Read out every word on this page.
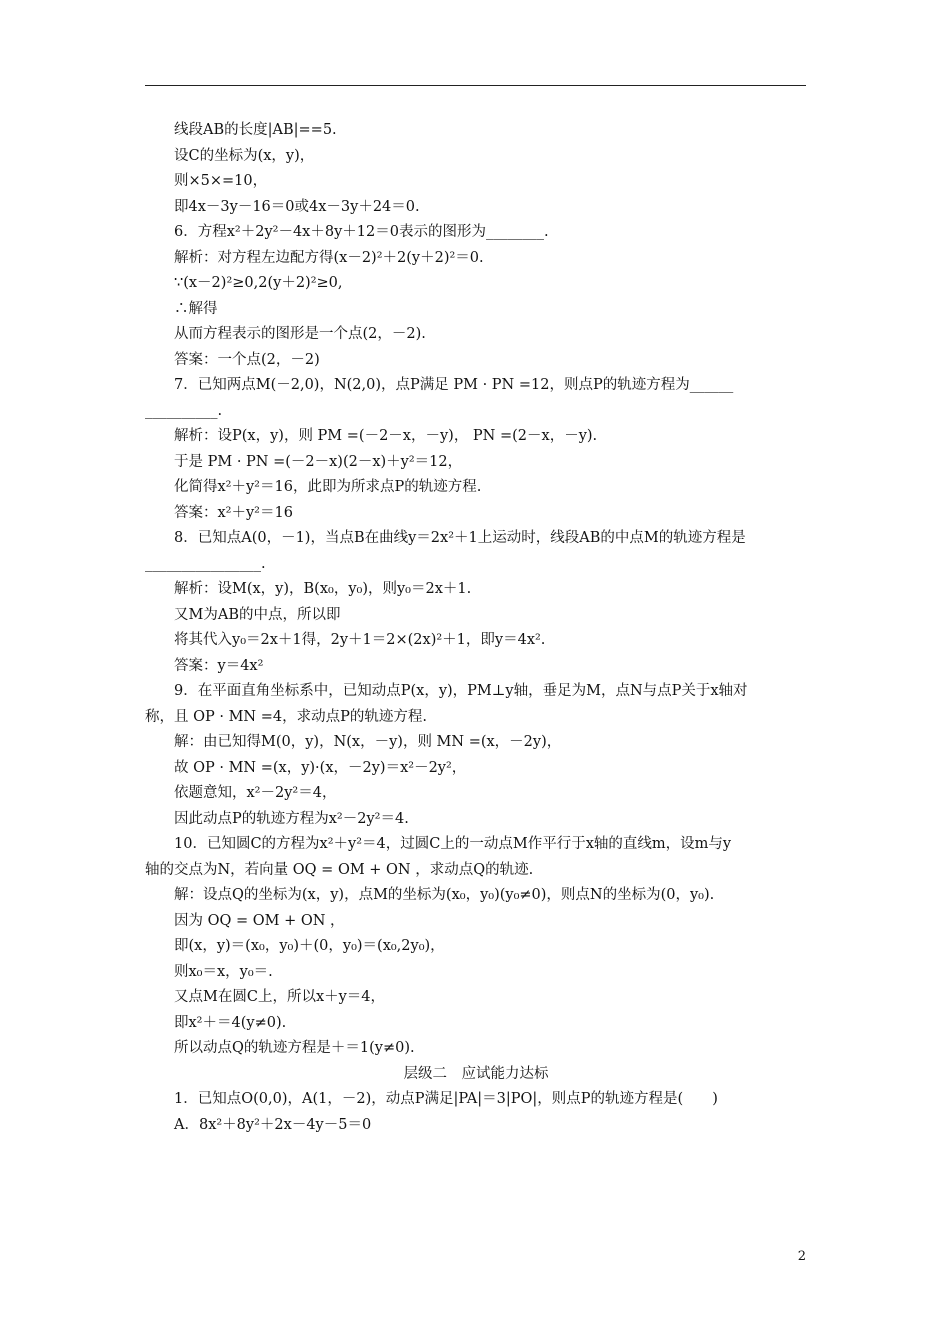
线段AB的长度|AB|==5.
设C的坐标为(x，y)，
则×5×=10，
即4x－3y－16＝0或4x－3y＋24＝0.
6．方程x²＋2y²－4x＋8y＋12＝0表示的图形为________.
解析：对方程左边配方得(x－2)²＋2(y＋2)²＝0.
∵(x－2)²≥0,2(y＋2)²≥0,
∴解得
从而方程表示的图形是一个点(2，－2).
答案：一个点(2，－2)
7．已知两点M(－2,0)，N(2,0)，点P满足 PM · PN =12，则点P的轨迹方程为______
__________.
解析：设P(x，y)，则 PM =(－2－x，－y)， PN =(2－x，－y).
于是 PM · PN =(－2－x)(2－x)＋y²＝12，
化简得x²＋y²＝16，此即为所求点P的轨迹方程.
答案：x²＋y²＝16
8．已知点A(0，－1)，当点B在曲线y＝2x²＋1上运动时，线段AB的中点M的轨迹方程是
________________.
解析：设M(x，y)，B(x₀，y₀)，则y₀＝2x＋1.
又M为AB的中点，所以即
将其代入y₀＝2x＋1得，2y＋1＝2×(2x)²＋1，即y＝4x².
答案：y＝4x²
9．在平面直角坐标系中，已知动点P(x，y)，PM⊥y轴，垂足为M，点N与点P关于x轴对
称，且 OP · MN =4，求动点P的轨迹方程.
解：由已知得M(0，y)，N(x，－y)，则 MN =(x，－2y)，
故 OP · MN =(x，y)·(x，－2y)＝x²－2y²，
依题意知，x²－2y²＝4，
因此动点P的轨迹方程为x²－2y²＝4.
10．已知圆C的方程为x²＋y²＝4，过圆C上的一动点M作平行于x轴的直线m，设m与y
轴的交点为N，若向量 OQ = OM + ON ，求动点Q的轨迹.
解：设点Q的坐标为(x，y)，点M的坐标为(x₀，y₀)(y₀≠0)，则点N的坐标为(0，y₀).
因为 OQ = OM + ON ，
即(x，y)＝(x₀，y₀)＋(0，y₀)＝(x₀,2y₀)，
则x₀＝x，y₀＝.
又点M在圆C上，所以x＋y＝4，
即x²＋＝4(y≠0).
所以动点Q的轨迹方程是＋＝1(y≠0).
层级二　应试能力达标
1．已知点O(0,0)，A(1，－2)，动点P满足|PA|＝3|PO|，则点P的轨迹方程是(　　)
A．8x²＋8y²＋2x－4y－5＝0
2
